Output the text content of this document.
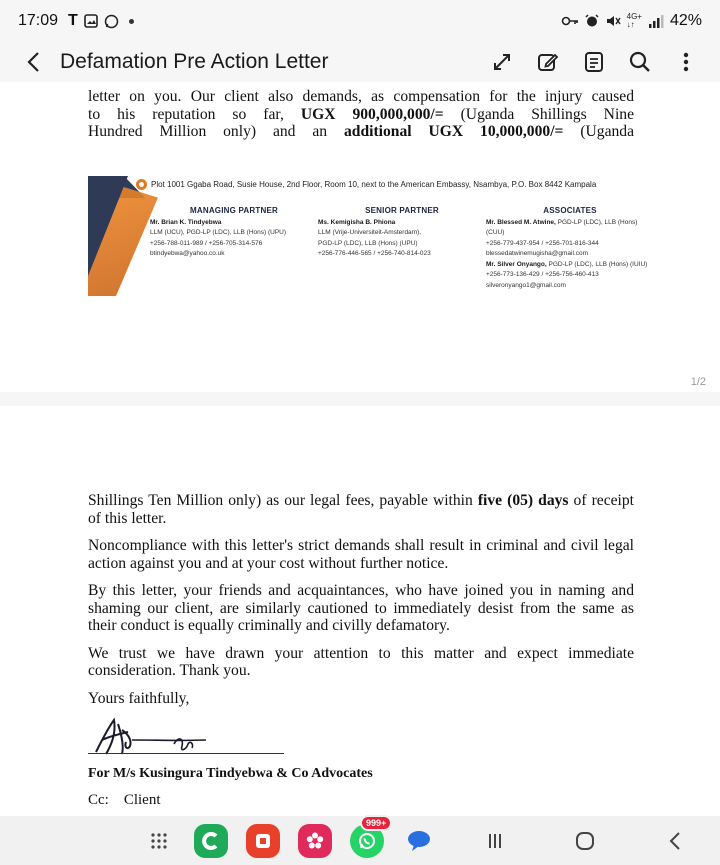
17:09 T	4G+
↓↑	42%
Defamation Pre Action Letter
letter on you. Our client also demands, as compensation for the injury caused
to his reputation so far, UGX 900,000,000/= (Uganda Shillings Nine
Hundred Million only) and an additional UGX 10,000,000/= (Uganda
Plot 1001 Ggaba Road, Susie House, 2nd Floor, Room 10, next to the American Embassy, Nsambya, P.O. Box 8442 Kampala
MANAGING PARTNER
Mr. Brian K. Tindyebwa
LLM (UCU), PGD-LP (LDC), LLB (Hons) (UPU)
+256-788-011-989 / +256-705-314-576
btindyebwa@yahoo.co.uk
SENIOR PARTNER
Ms. Kemigisha B. Phiona
LLM (Vrije-Universiteit-Amsterdam),
PGD-LP (LDC), LLB (Hons) (UPU)
+256-776-446-565 / +256-740-814-023
ASSOCIATES
Mr. Blessed M. Atwine, PGD-LP (LDC), LLB (Hons) (CUU)
+256-779-437-954 / +256-701-816-344
blessedatwinemugisha@gmail.com
Mr. Silver Onyango, PGD-LP (LDC), LLB (Hons) (IUIU)
+256-773-136-429 / +256-756-460-413
silveronyango1@gmail.com
1/2

Shillings Ten Million only) as our legal fees, payable within five (05) days of receipt of this letter.

Noncompliance with this letter's strict demands shall result in criminal and civil legal action against you and at your cost without further notice.

By this letter, your friends and acquaintances, who have joined you in naming and shaming our client, are similarly cautioned to immediately desist from the same as their conduct is equally criminally and civilly defamatory.

We trust we have drawn your attention to this matter and expect immediate consideration. Thank you.

Yours faithfully,

For M/s Kusingura Tindyebwa & Co Advocates
Cc: Client
999+
